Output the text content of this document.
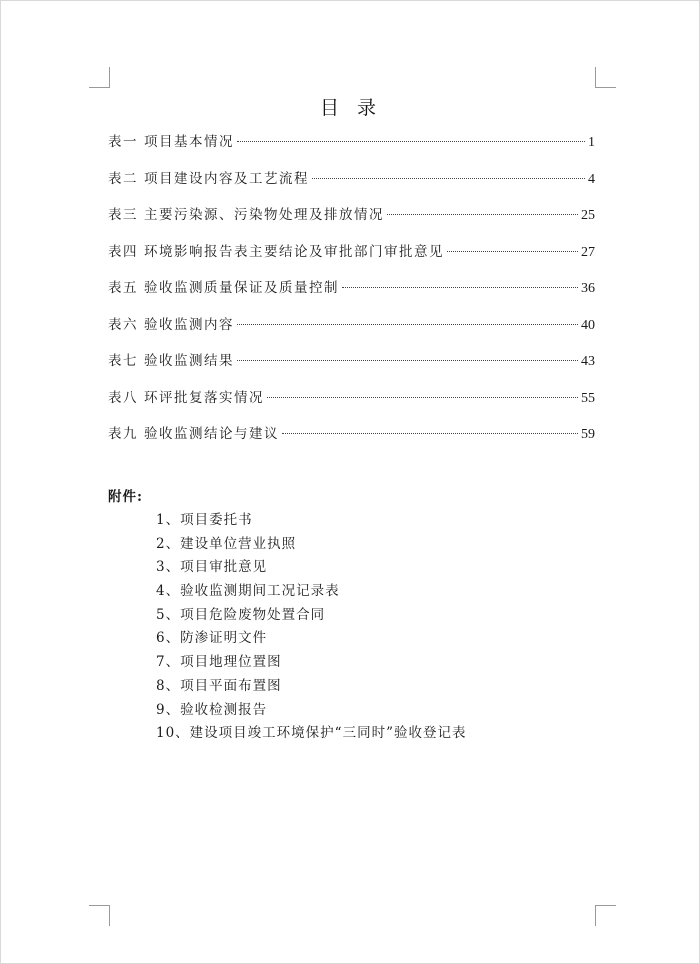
目 录
表一 项目基本情况	1
表二 项目建设内容及工艺流程	4
表三 主要污染源、污染物处理及排放情况	25
表四 环境影响报告表主要结论及审批部门审批意见	27
表五 验收监测质量保证及质量控制	36
表六 验收监测内容	40
表七 验收监测结果	43
表八 环评批复落实情况	55
表九 验收监测结论与建议	59
附件:
1、项目委托书
2、建设单位营业执照
3、项目审批意见
4、验收监测期间工况记录表
5、项目危险废物处置合同
6、防渗证明文件
7、项目地理位置图
8、项目平面布置图
9、验收检测报告
10、建设项目竣工环境保护“三同时”验收登记表
